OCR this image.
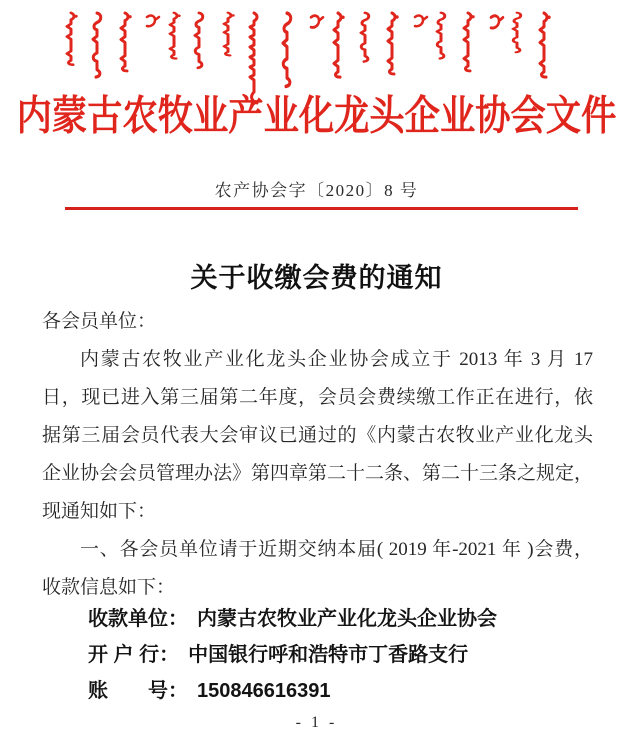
内蒙古农牧业产业化龙头企业协会文件
农产协会字〔2020〕8 号
关于收缴会费的通知
各会员单位：
内蒙古农牧业产业化龙头企业协会成立于 2013 年 3 月 17
日，现已进入第三届第二年度，会员会费续缴工作正在进行，依
据第三届会员代表大会审议已通过的《内蒙古农牧业产业化龙头
企业协会会员管理办法》第四章第二十二条、第二十三条之规定，
现通知如下：
一、各会员单位请于近期交纳本届( 2019 年-2021 年 )会费，
收款信息如下：
收款单位： 内蒙古农牧业产业化龙头企业协会
开 户 行： 中国银行呼和浩特市丁香路支行
账　　号： 150846616391
- 1 -
